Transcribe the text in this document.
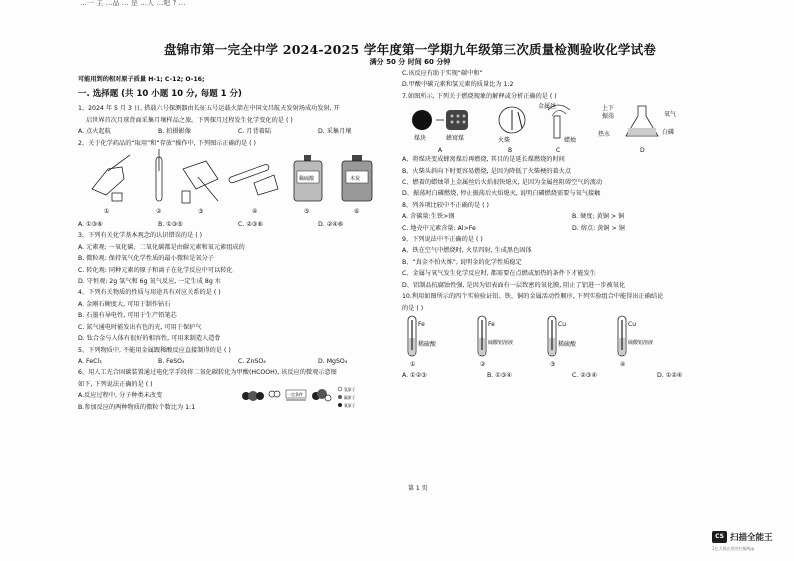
…一 主 …品 … 是 …人 …吧 ? …
盘锦市第一完全中学 2024-2025 学年度第一学期九年级第三次质量检测验收化学试卷
满分 50 分 时间 60 分钟

可能用到的相对原子质量 H-1; C-12; O-16;

一. 选择题 (共 10 小题 10 分, 每题 1 分)

1、2024 年 5 月 3 日, 搭载六号探测器由长征五号运载火箭在中国文昌航天发射场成功发射, 开

启世界首次月球背面采集月壤样品之旅。下列探月过程发生化学变化的是 ( )

A. 点火起航	B. 拍摄影像	C. 月背着陆	D. 采集月壤

2、关于化学药品的“取用”和“存放”操作中, 下列图示正确的是 ( )

①	②	③	④	⑤	⑥
稀硫酸	木炭

A. ①③⑥	B. ①③⑤	C. ②③⑥	D. ②④⑥

3、下列有关化学基本观念的认识错误的是 ( )

A. 元素观: 一氧化碳、二氧化碳都是由碳元素和氧元素组成的

B. 微粒观: 保持氧气化学性质的最小微粒是氧分子

C. 转化观: 同种元素的原子和离子在化学反应中可以转化

D. 守恒观: 2g 氢气和 6g 氧气反应, 一定生成 8g 水

4、下列有关物质的性质与用途具有对应关系的是 ( )

A. 金刚石硬度大, 可用于制作钻石

B. 石墨有导电性, 可用于生产铅笔芯

C. 氮气通电时能发出有色的光, 可用于保护气

D. 钛合金与人体有很好的相容性, 可用来制造人造骨

5、下列物质中, 不能用金属跟稀酸反应直接制得的是 ( )

A. FeCl₃	B. FeSO₄	C. ZnSO₄	D. MgSO₄

6、用人工光合固碳装置通过电化学手段将二氧化碳转化为甲酸(HCOOH), 该反应的微观示意图

如下, 下列说法正确的是 ( )

A.反应过程中, 分子种类未改变

B.参加反应的两种物质的微粒个数比为 1:1

一定条件
氢原子
碳原子
氧原子

C.该反应有助于实现“碳中和”

D.甲酸中碳元素和氢元素的质量比为 1:2

7.如图所示, 下列关于燃烧现象的解释或分析正确的是 ( )

煤块	蜂窝煤
A
火柴
B
金属丝
蜡烛
C
上下
振荡	氧气
热水	白磷
D

A、将煤块变成蜂窝煤后再燃烧, 其目的是延长煤燃烧的时间

B、火柴头斜向下时更容易燃烧, 是因为降低了火柴梗的着火点

C、燃着的蜡烛罩上金属丝后火焰很快熄灭, 是因为金属丝阻碍空气的流动

D、振荡时白磷燃烧, 停止振荡后火焰熄灭, 说明白磷燃烧需要与氧气接触

8、列各项比较中不正确的是 ( )

A. 含碳量:生铁>钢	B. 硬度: 黄铜 > 铜

C. 地壳中元素含量: Al>Fe	D. 熔点: 黄铜 > 铜

9、下列说法中不正确的是 ( )

A、铁在空气中燃烧时, 火星四射, 生成黑色固体

B、“真金不怕火炼”, 说明金的化学性质稳定

C、金属与氧气发生化学反应时, 都需要在点燃或加热的条件下才能发生

D、铝制品抗腐蚀性强, 是因为铝表面有一层致密的氧化膜, 阻止了铝进一步被氧化

10.利用如图所示的四个实验验证铝、铁、铜的金属活动性顺序, 下列实验组合中能得出正确结论

的是 ( )

Fe
稀硫酸
①
Fe
硫酸铝溶液
②
Cu
稀硫酸
③
Cu
硫酸铝溶液
④

A. ①②③	B. ①③④	C. ②③④	D. ①②④

第 1 页
CS 扫描全能王
3亿人都在用的扫描App
